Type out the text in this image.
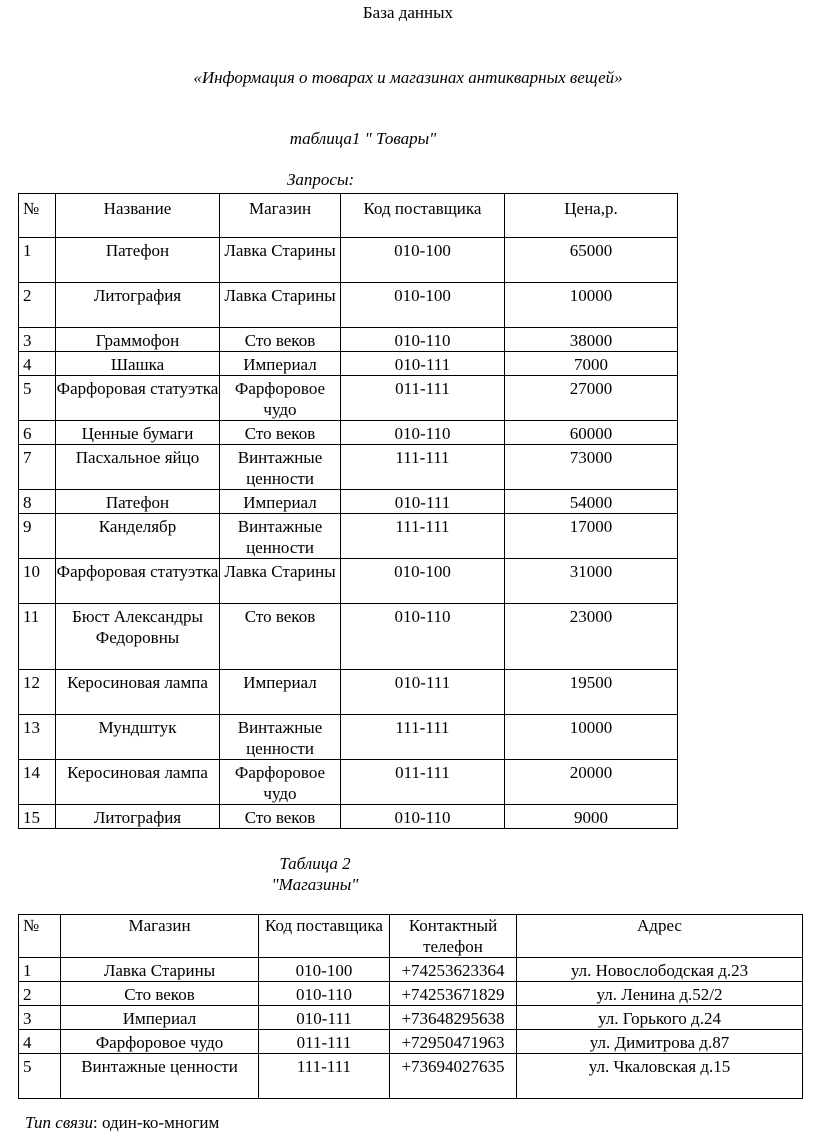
База данных
«Информация о товарах и магазинах антикварных вещей»
таблица1 " Товары"
Запросы:
№	Название	Магазин	Код поставщика	Цена,р.
1	Патефон	Лавка Старины	010-100	65000
2	Литография	Лавка Старины	010-100	10000
3	Граммофон	Сто веков	010-110	38000
4	Шашка	Империал	010-111	7000
5	Фарфоровая статуэтка	Фарфоровое чудо	011-111	27000
6	Ценные бумаги	Сто веков	010-110	60000
7	Пасхальное яйцо	Винтажные ценности	111-111	73000
8	Патефон	Империал	010-111	54000
9	Канделябр	Винтажные ценности	111-111	17000
10	Фарфоровая статуэтка	Лавка Старины	010-100	31000
11	Бюст Александры Федоровны	Сто веков	010-110	23000
12	Керосиновая лампа	Империал	010-111	19500
13	Мундштук	Винтажные ценности	111-111	10000
14	Керосиновая лампа	Фарфоровое чудо	011-111	20000
15	Литография	Сто веков	010-110	9000
Таблица 2
"Магазины"
№	Магазин	Код поставщика	Контактный телефон	Адрес
1	Лавка Старины	010-100	+74253623364	ул. Новослободская д.23
2	Сто веков	010-110	+74253671829	ул. Ленина д.52/2
3	Империал	010-111	+73648295638	ул. Горького д.24
4	Фарфоровое чудо	011-111	+72950471963	ул. Димитрова д.87
5	Винтажные ценности	111-111	+73694027635	ул. Чкаловская д.15
Тип связи: один-ко-многим
